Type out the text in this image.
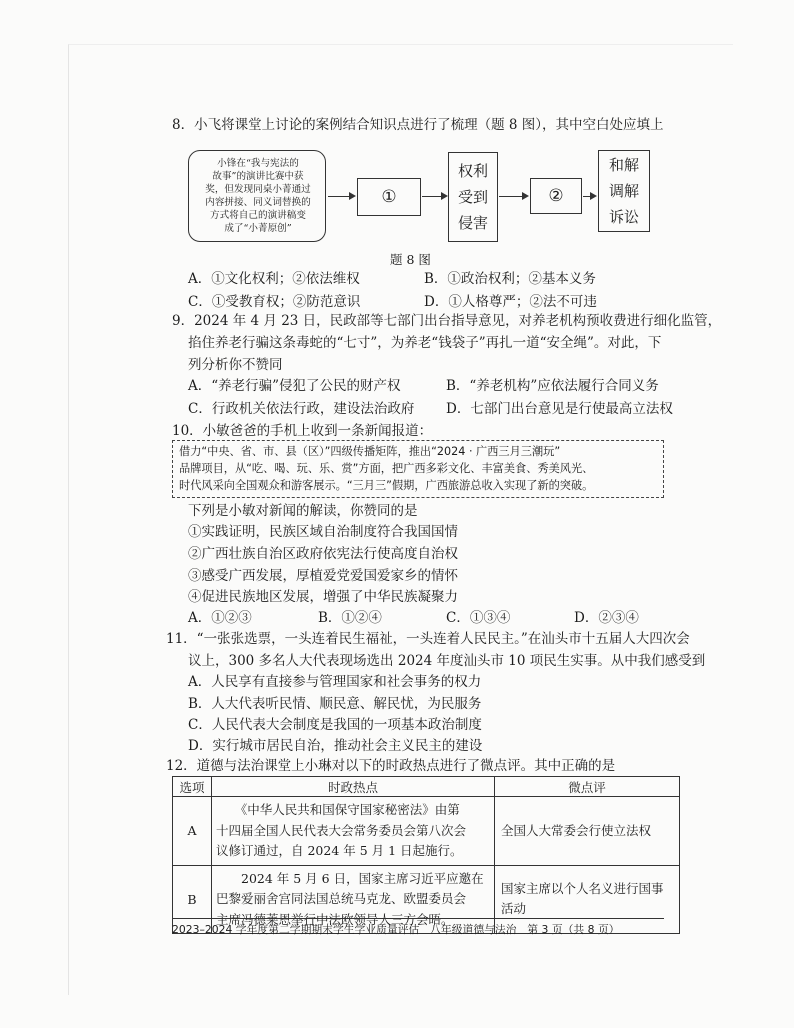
8．小飞将课堂上讨论的案例结合知识点进行了梳理（题 8 图），其中空白处应填上
小锋在“我与宪法的
故事”的演讲比赛中获
奖，但发现同桌小菁通过
内容拼接、同义词替换的
方式将自己的演讲稿变
成了“小菁原创”
①
权利
受到
侵害
②
和解
调解
诉讼
题 8 图
A．①文化权利；②依法维权	B．①政治权利；②基本义务
C．①受教育权；②防范意识	D．①人格尊严；②法不可违
9．2024 年 4 月 23 日，民政部等七部门出台指导意见，对养老机构预收费进行细化监管，
掐住养老行骗这条毒蛇的“七寸”，为养老“钱袋子”再扎一道“安全绳”。对此，下
列分析你不赞同
A．“养老行骗”侵犯了公民的财产权	B．“养老机构”应依法履行合同义务
C．行政机关依法行政，建设法治政府 D．七部门出台意见是行使最高立法权
10．小敏爸爸的手机上收到一条新闻报道：
借力“中央、省、市、县（区）”四级传播矩阵，推出“2024 · 广西三月三潮玩”
品牌项目，从“吃、喝、玩、乐、赏”方面，把广西多彩文化、丰富美食、秀美风光、
时代风采向全国观众和游客展示。“三月三”假期，广西旅游总收入实现了新的突破。
下列是小敏对新闻的解读，你赞同的是
①实践证明，民族区域自治制度符合我国国情
②广西壮族自治区政府依宪法行使高度自治权
③感受广西发展，厚植爱党爱国爱家乡的情怀
④促进民族地区发展，增强了中华民族凝聚力
A．①②③	B．①②④	C．①③④	D．②③④
11．“一张张选票，一头连着民生福祉，一头连着人民民主。”在汕头市十五届人大四次会
议上，300 多名人大代表现场选出 2024 年度汕头市 10 项民生实事。从中我们感受到
A．人民享有直接参与管理国家和社会事务的权力
B．人大代表听民情、顺民意、解民忧，为民服务
C．人民代表大会制度是我国的一项基本政治制度
D．实行城市居民自治，推动社会主义民主的建设
12．道德与法治课堂上小琳对以下的时政热点进行了微点评。其中正确的是
选项	时政热点	微点评
A	　　《中华人民共和国保守国家秘密法》由第
十四届全国人民代表大会常务委员会第八次会
议修订通过，自 2024 年 5 月 1 日起施行。	全国人大常委会行使立法权
B	　　2024 年 5 月 6 日，国家主席习近平应邀在
巴黎爱丽舍宫同法国总统马克龙、欧盟委员会
主席冯德莱恩举行中法欧领导人三方会晤。	国家主席以个人名义进行国事活动
2023–2024 学年度第二学期期末学生学业质量评估　八年级道德与法治　第 3 页（共 8 页）
